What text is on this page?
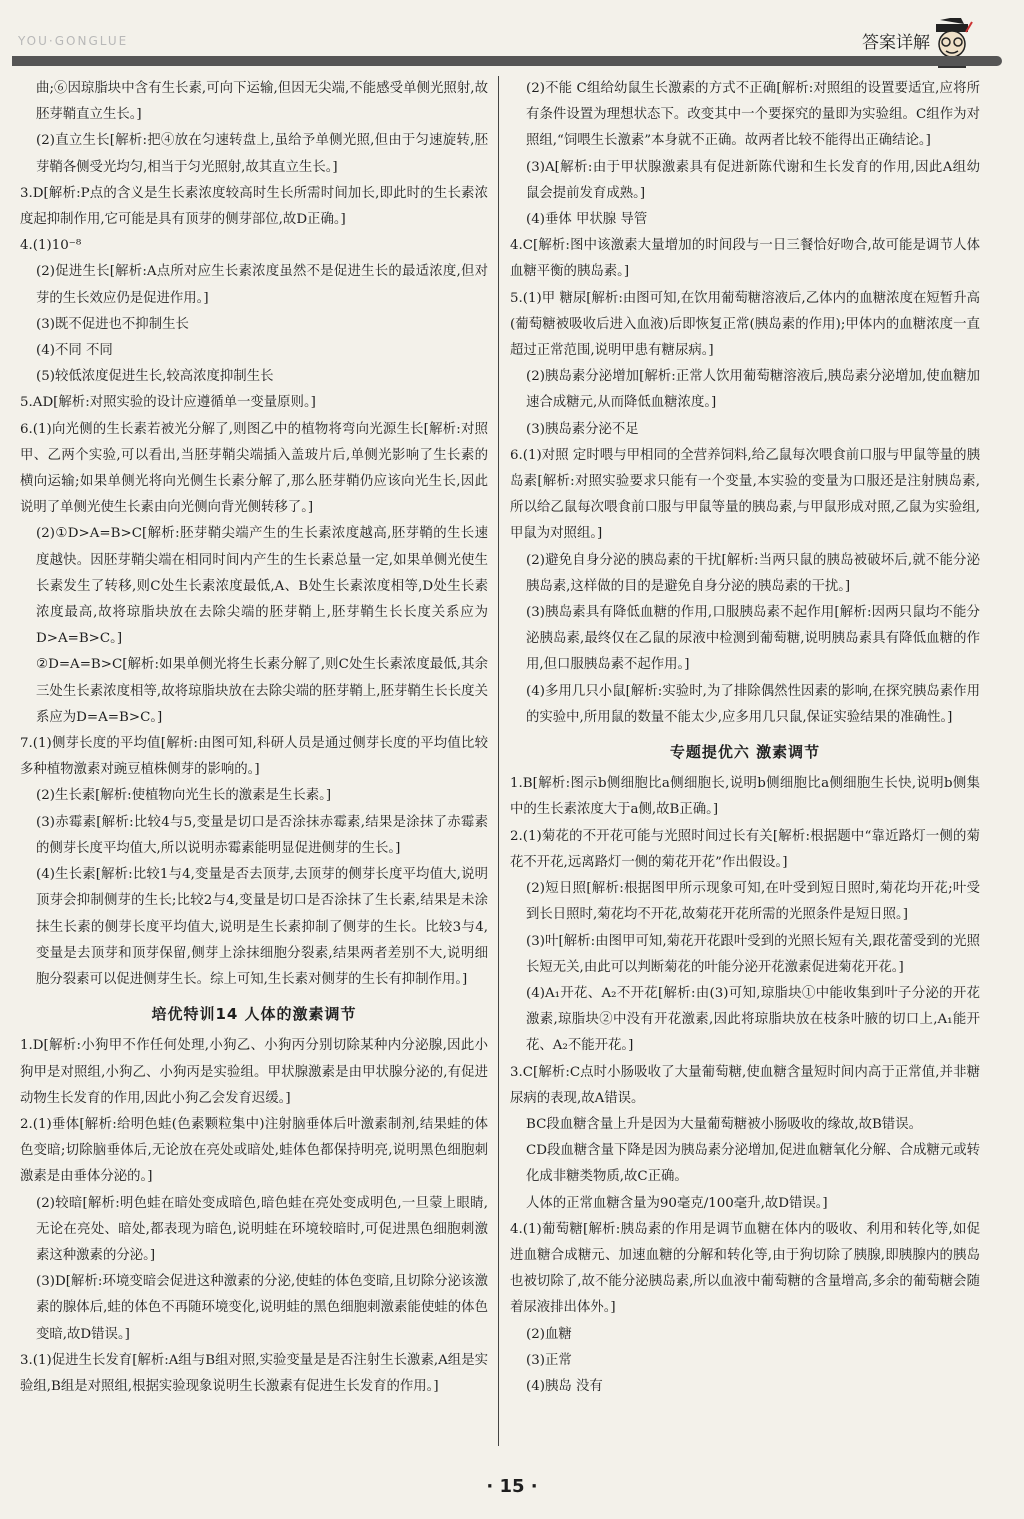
YOU·GONGLUE	答案详解

曲;⑥因琼脂块中含有生长素,可向下运输,但因无尖端,不能感受单侧光照射,故胚芽鞘直立生长。]

(2)直立生长[解析:把④放在匀速转盘上,虽给予单侧光照,但由于匀速旋转,胚芽鞘各侧受光均匀,相当于匀光照射,故其直立生长。]

3.D[解析:P点的含义是生长素浓度较高时生长所需时间加长,即此时的生长素浓度起抑制作用,它可能是具有顶芽的侧芽部位,故D正确。]

4.(1)10⁻⁸

(2)促进生长[解析:A点所对应生长素浓度虽然不是促进生长的最适浓度,但对芽的生长效应仍是促进作用。]

(3)既不促进也不抑制生长

(4)不同 不同

(5)较低浓度促进生长,较高浓度抑制生长

5.AD[解析:对照实验的设计应遵循单一变量原则。]

6.(1)向光侧的生长素若被光分解了,则图乙中的植物将弯向光源生长[解析:对照甲、乙两个实验,可以看出,当胚芽鞘尖端插入盖玻片后,单侧光影响了生长素的横向运输;如果单侧光将向光侧生长素分解了,那么胚芽鞘仍应该向光生长,因此说明了单侧光使生长素由向光侧向背光侧转移了。]

(2)①D>A=B>C[解析:胚芽鞘尖端产生的生长素浓度越高,胚芽鞘的生长速度越快。因胚芽鞘尖端在相同时间内产生的生长素总量一定,如果单侧光使生长素发生了转移,则C处生长素浓度最低,A、B处生长素浓度相等,D处生长素浓度最高,故将琼脂块放在去除尖端的胚芽鞘上,胚芽鞘生长长度关系应为D>A=B>C。]

②D=A=B>C[解析:如果单侧光将生长素分解了,则C处生长素浓度最低,其余三处生长素浓度相等,故将琼脂块放在去除尖端的胚芽鞘上,胚芽鞘生长长度关系应为D=A=B>C。]

7.(1)侧芽长度的平均值[解析:由图可知,科研人员是通过侧芽长度的平均值比较多种植物激素对豌豆植株侧芽的影响的。]

(2)生长素[解析:使植物向光生长的激素是生长素。]

(3)赤霉素[解析:比较4与5,变量是切口是否涂抹赤霉素,结果是涂抹了赤霉素的侧芽长度平均值大,所以说明赤霉素能明显促进侧芽的生长。]

(4)生长素[解析:比较1与4,变量是否去顶芽,去顶芽的侧芽长度平均值大,说明顶芽会抑制侧芽的生长;比较2与4,变量是切口是否涂抹了生长素,结果是未涂抹生长素的侧芽长度平均值大,说明是生长素抑制了侧芽的生长。比较3与4,变量是去顶芽和顶芽保留,侧芽上涂抹细胞分裂素,结果两者差别不大,说明细胞分裂素可以促进侧芽生长。综上可知,生长素对侧芽的生长有抑制作用。]

培优特训14 人体的激素调节

1.D[解析:小狗甲不作任何处理,小狗乙、小狗丙分别切除某种内分泌腺,因此小狗甲是对照组,小狗乙、小狗丙是实验组。甲状腺激素是由甲状腺分泌的,有促进动物生长发育的作用,因此小狗乙会发育迟缓。]

2.(1)垂体[解析:给明色蛙(色素颗粒集中)注射脑垂体后叶激素制剂,结果蛙的体色变暗;切除脑垂体后,无论放在亮处或暗处,蛙体色都保持明亮,说明黑色细胞刺激素是由垂体分泌的。]

(2)较暗[解析:明色蛙在暗处变成暗色,暗色蛙在亮处变成明色,一旦蒙上眼睛,无论在亮处、暗处,都表现为暗色,说明蛙在环境较暗时,可促进黑色细胞刺激素这种激素的分泌。]

(3)D[解析:环境变暗会促进这种激素的分泌,使蛙的体色变暗,且切除分泌该激素的腺体后,蛙的体色不再随环境变化,说明蛙的黑色细胞刺激素能使蛙的体色变暗,故D错误。]

3.(1)促进生长发育[解析:A组与B组对照,实验变量是是否注射生长激素,A组是实验组,B组是对照组,根据实验现象说明生长激素有促进生长发育的作用。]

(2)不能 C组给幼鼠生长激素的方式不正确[解析:对照组的设置要适宜,应将所有条件设置为理想状态下。改变其中一个要探究的量即为实验组。C组作为对照组,“饲喂生长激素”本身就不正确。故两者比较不能得出正确结论。]

(3)A[解析:由于甲状腺激素具有促进新陈代谢和生长发育的作用,因此A组幼鼠会提前发育成熟。]

(4)垂体 甲状腺 导管

4.C[解析:图中该激素大量增加的时间段与一日三餐恰好吻合,故可能是调节人体血糖平衡的胰岛素。]

5.(1)甲 糖尿[解析:由图可知,在饮用葡萄糖溶液后,乙体内的血糖浓度在短暂升高(葡萄糖被吸收后进入血液)后即恢复正常(胰岛素的作用);甲体内的血糖浓度一直超过正常范围,说明甲患有糖尿病。]

(2)胰岛素分泌增加[解析:正常人饮用葡萄糖溶液后,胰岛素分泌增加,使血糖加速合成糖元,从而降低血糖浓度。]

(3)胰岛素分泌不足

6.(1)对照 定时喂与甲相同的全营养饲料,给乙鼠每次喂食前口服与甲鼠等量的胰岛素[解析:对照实验要求只能有一个变量,本实验的变量为口服还是注射胰岛素,所以给乙鼠每次喂食前口服与甲鼠等量的胰岛素,与甲鼠形成对照,乙鼠为实验组,甲鼠为对照组。]

(2)避免自身分泌的胰岛素的干扰[解析:当两只鼠的胰岛被破坏后,就不能分泌胰岛素,这样做的目的是避免自身分泌的胰岛素的干扰。]

(3)胰岛素具有降低血糖的作用,口服胰岛素不起作用[解析:因两只鼠均不能分泌胰岛素,最终仅在乙鼠的尿液中检测到葡萄糖,说明胰岛素具有降低血糖的作用,但口服胰岛素不起作用。]

(4)多用几只小鼠[解析:实验时,为了排除偶然性因素的影响,在探究胰岛素作用的实验中,所用鼠的数量不能太少,应多用几只鼠,保证实验结果的准确性。]

专题提优六 激素调节

1.B[解析:图示b侧细胞比a侧细胞长,说明b侧细胞比a侧细胞生长快,说明b侧集中的生长素浓度大于a侧,故B正确。]

2.(1)菊花的不开花可能与光照时间过长有关[解析:根据题中“靠近路灯一侧的菊花不开花,远离路灯一侧的菊花开花”作出假设。]

(2)短日照[解析:根据图甲所示现象可知,在叶受到短日照时,菊花均开花;叶受到长日照时,菊花均不开花,故菊花开花所需的光照条件是短日照。]

(3)叶[解析:由图甲可知,菊花开花跟叶受到的光照长短有关,跟花蕾受到的光照长短无关,由此可以判断菊花的叶能分泌开花激素促进菊花开花。]

(4)A₁开花、A₂不开花[解析:由(3)可知,琼脂块①中能收集到叶子分泌的开花激素,琼脂块②中没有开花激素,因此将琼脂块放在枝条叶腋的切口上,A₁能开花、A₂不能开花。]

3.C[解析:C点时小肠吸收了大量葡萄糖,使血糖含量短时间内高于正常值,并非糖尿病的表现,故A错误。

BC段血糖含量上升是因为大量葡萄糖被小肠吸收的缘故,故B错误。

CD段血糖含量下降是因为胰岛素分泌增加,促进血糖氧化分解、合成糖元或转化成非糖类物质,故C正确。

人体的正常血糖含量为90毫克/100毫升,故D错误。]

4.(1)葡萄糖[解析:胰岛素的作用是调节血糖在体内的吸收、利用和转化等,如促进血糖合成糖元、加速血糖的分解和转化等,由于狗切除了胰腺,即胰腺内的胰岛也被切除了,故不能分泌胰岛素,所以血液中葡萄糖的含量增高,多余的葡萄糖会随着尿液排出体外。]

(2)血糖

(3)正常

(4)胰岛 没有

· 15 ·
